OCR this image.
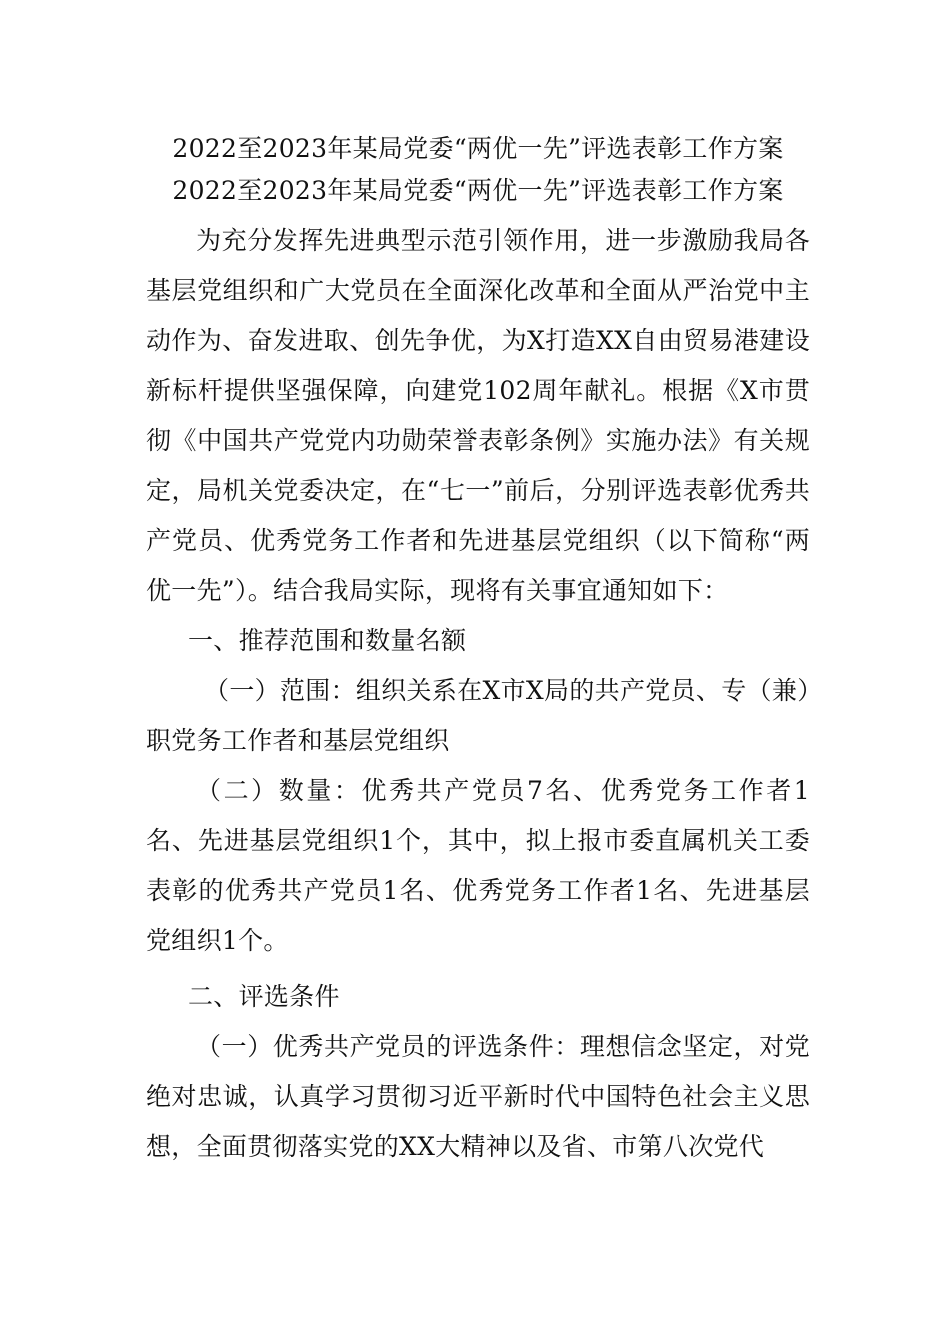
2022至2023年某局党委“两优一先”评选表彰工作方案
2022至2023年某局党委“两优一先”评选表彰工作方案

为充分发挥先进典型示范引领作用，进一步激励我局各基层党组织和广大党员在全面深化改革和全面从严治党中主动作为、奋发进取、创先争优，为X打造XX自由贸易港建设新标杆提供坚强保障，向建党102周年献礼。根据《X市贯彻《中国共产党党内功勋荣誉表彰条例》实施办法》有关规定，局机关党委决定，在“七一”前后，分别评选表彰优秀共产党员、优秀党务工作者和先进基层党组织（以下简称“两优一先”）。结合我局实际，现将有关事宜通知如下：

一、推荐范围和数量名额

（一）范围：组织关系在X市X局的共产党员、专（兼）职党务工作者和基层党组织

（二）数量：优秀共产党员7名、优秀党务工作者1名、先进基层党组织1个，其中，拟上报市委直属机关工委表彰的优秀共产党员1名、优秀党务工作者1名、先进基层党组织1个。

二、评选条件

（一）优秀共产党员的评选条件：理想信念坚定，对党绝对忠诚，认真学习贯彻习近平新时代中国特色社会主义思想，全面贯彻落实党的XX大精神以及省、市第八次党代
